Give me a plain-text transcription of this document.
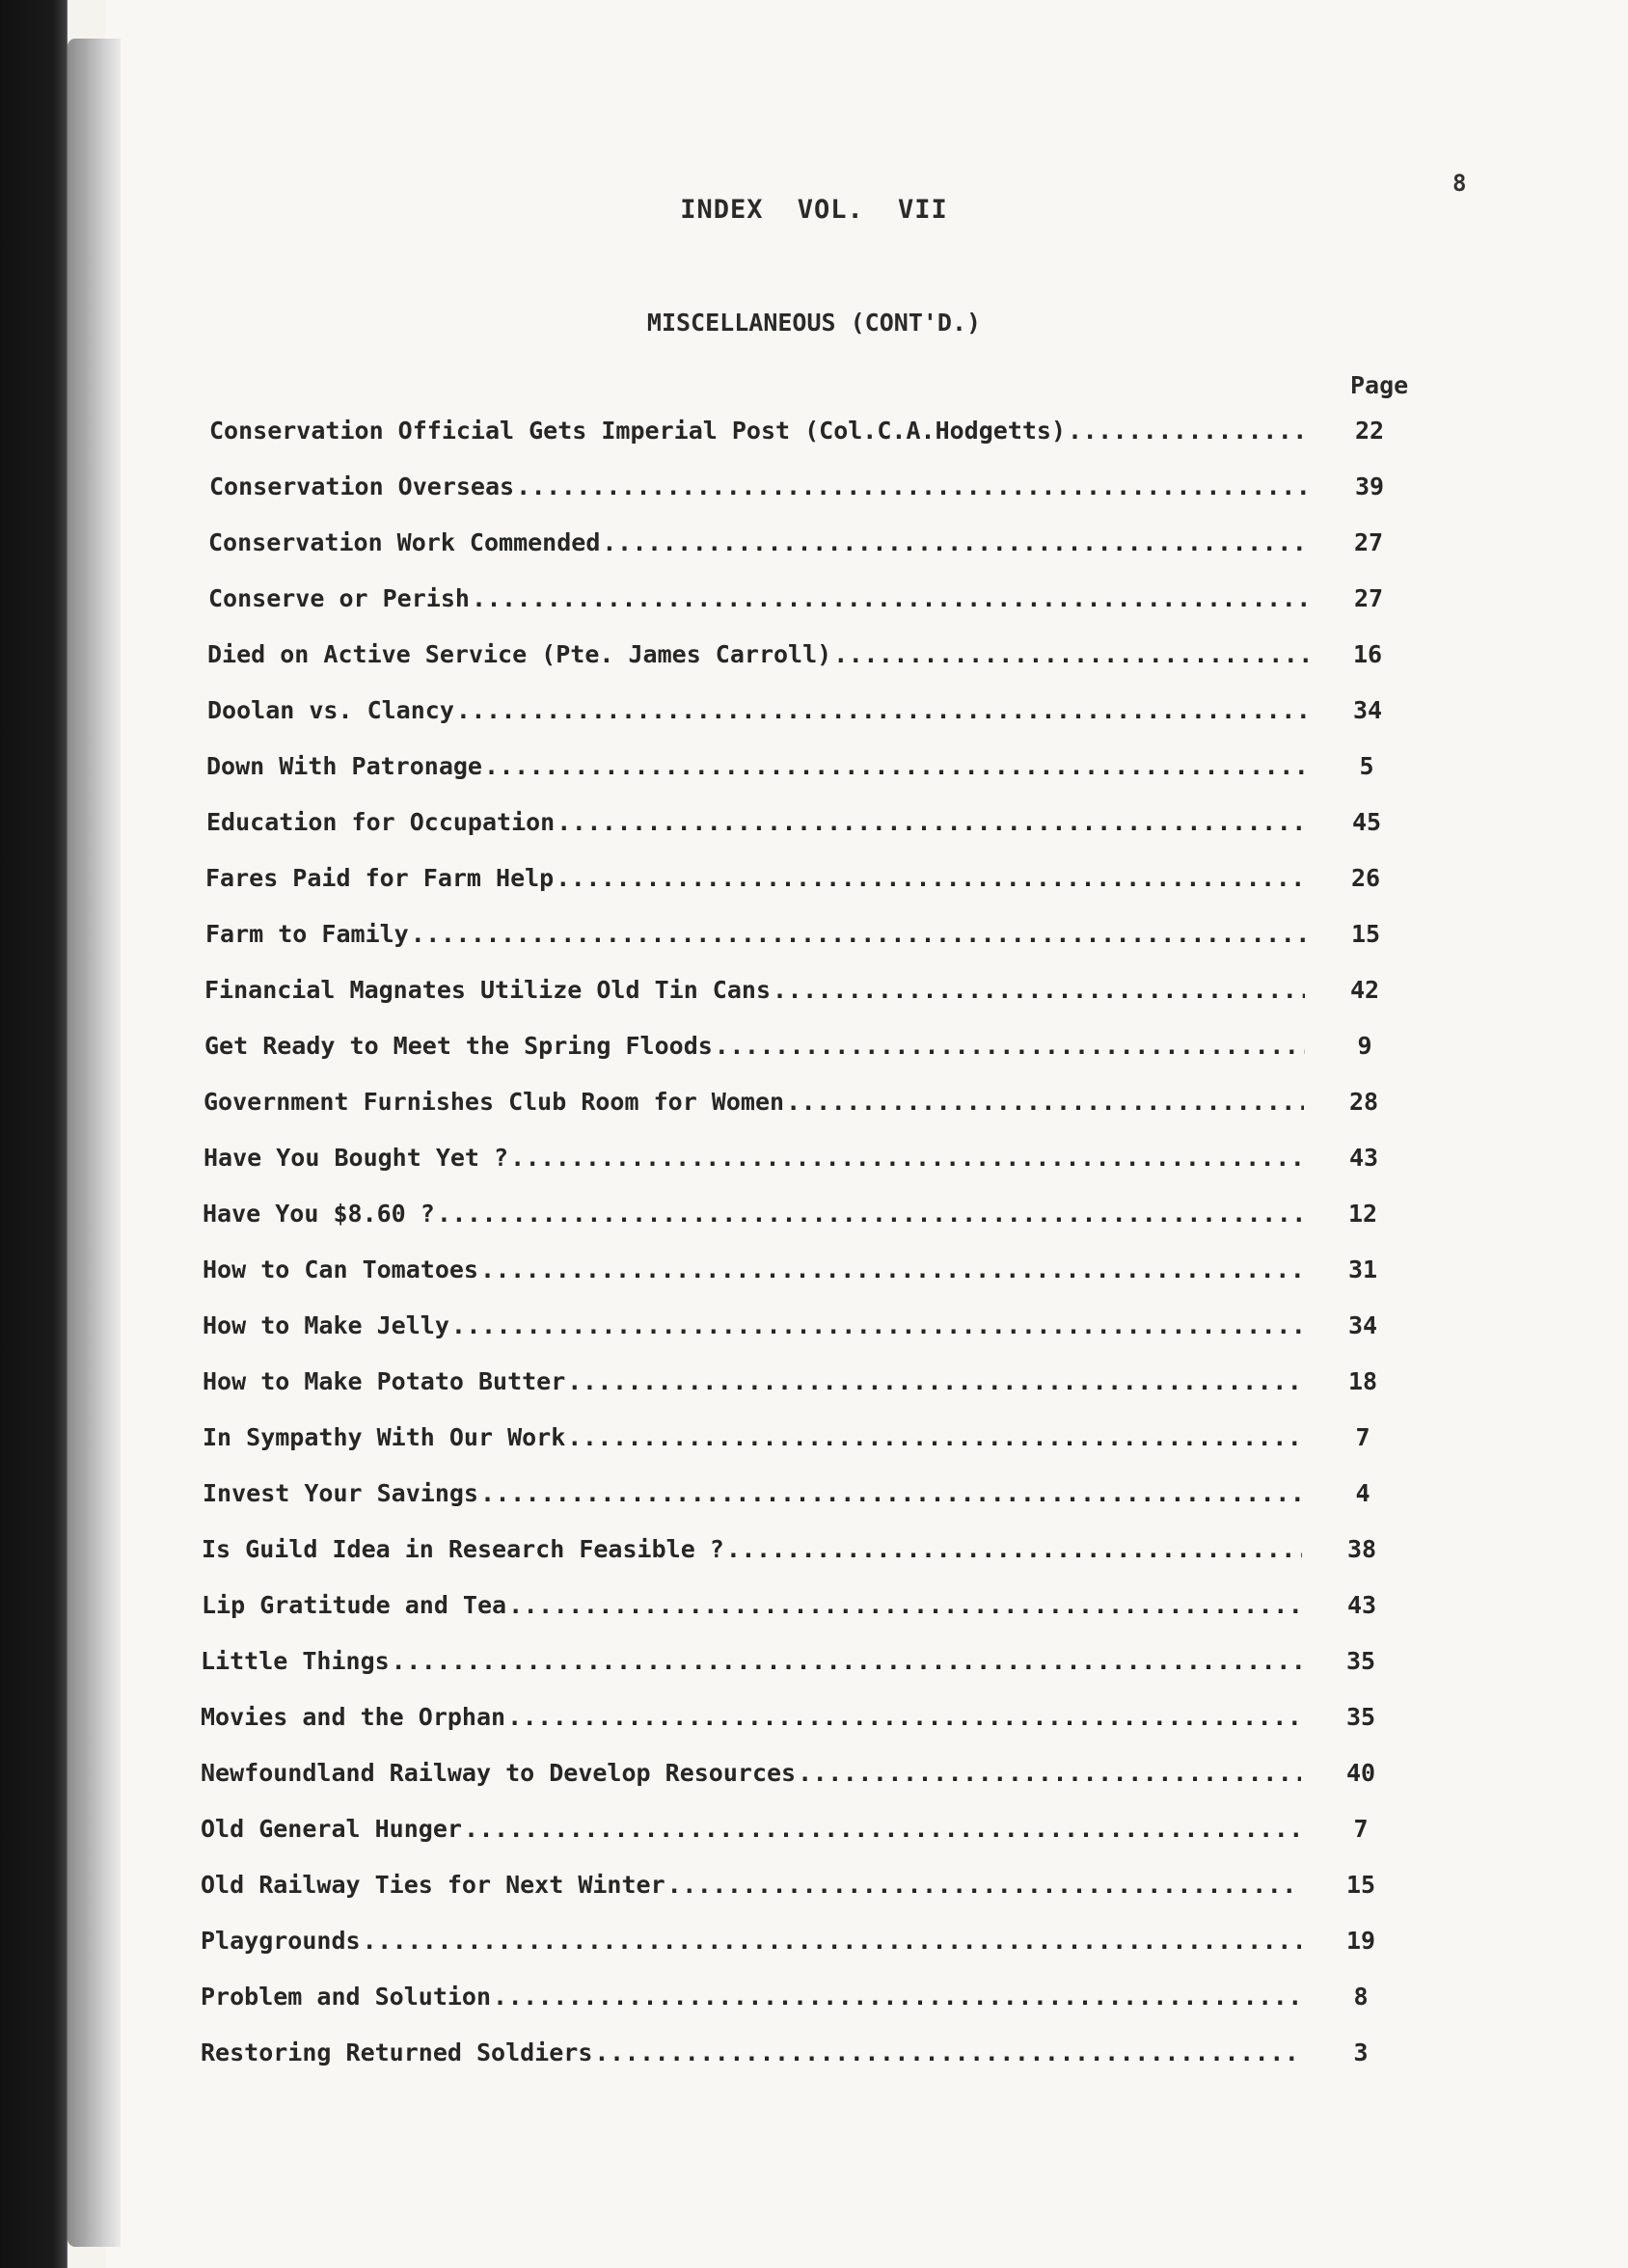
8
INDEX VOL. VII
MISCELLANEOUS (CONT'D.)
Page
Conservation Official Gets Imperial Post (Col.C.A.Hodgetts) .....	22
Conservation Overseas .....	39
Conservation Work Commended .....	27
Conserve or Perish .....	27
Died on Active Service (Pte. James Carroll) .....	16
Doolan vs. Clancy .....	34
Down With Patronage .....	5
Education for Occupation .....	45
Fares Paid for Farm Help .....	26
Farm to Family .....	15
Financial Magnates Utilize Old Tin Cans .....	42
Get Ready to Meet the Spring Floods .....	9
Government Furnishes Club Room for Women .....	28
Have You Bought Yet ? .....	43
Have You $8.60 ? .....	12
How to Can Tomatoes .....	31
How to Make Jelly .....	34
How to Make Potato Butter .....	18
In Sympathy With Our Work .....	7
Invest Your Savings .....	4
Is Guild Idea in Research Feasible ? .....	38
Lip Gratitude and Tea .....	43
Little Things .....	35
Movies and the Orphan .....	35
Newfoundland Railway to Develop Resources .....	40
Old General Hunger .....	7
Old Railway Ties for Next Winter .....	15
Playgrounds .....	19
Problem and Solution .....	8
Restoring Returned Soldiers .....	3
